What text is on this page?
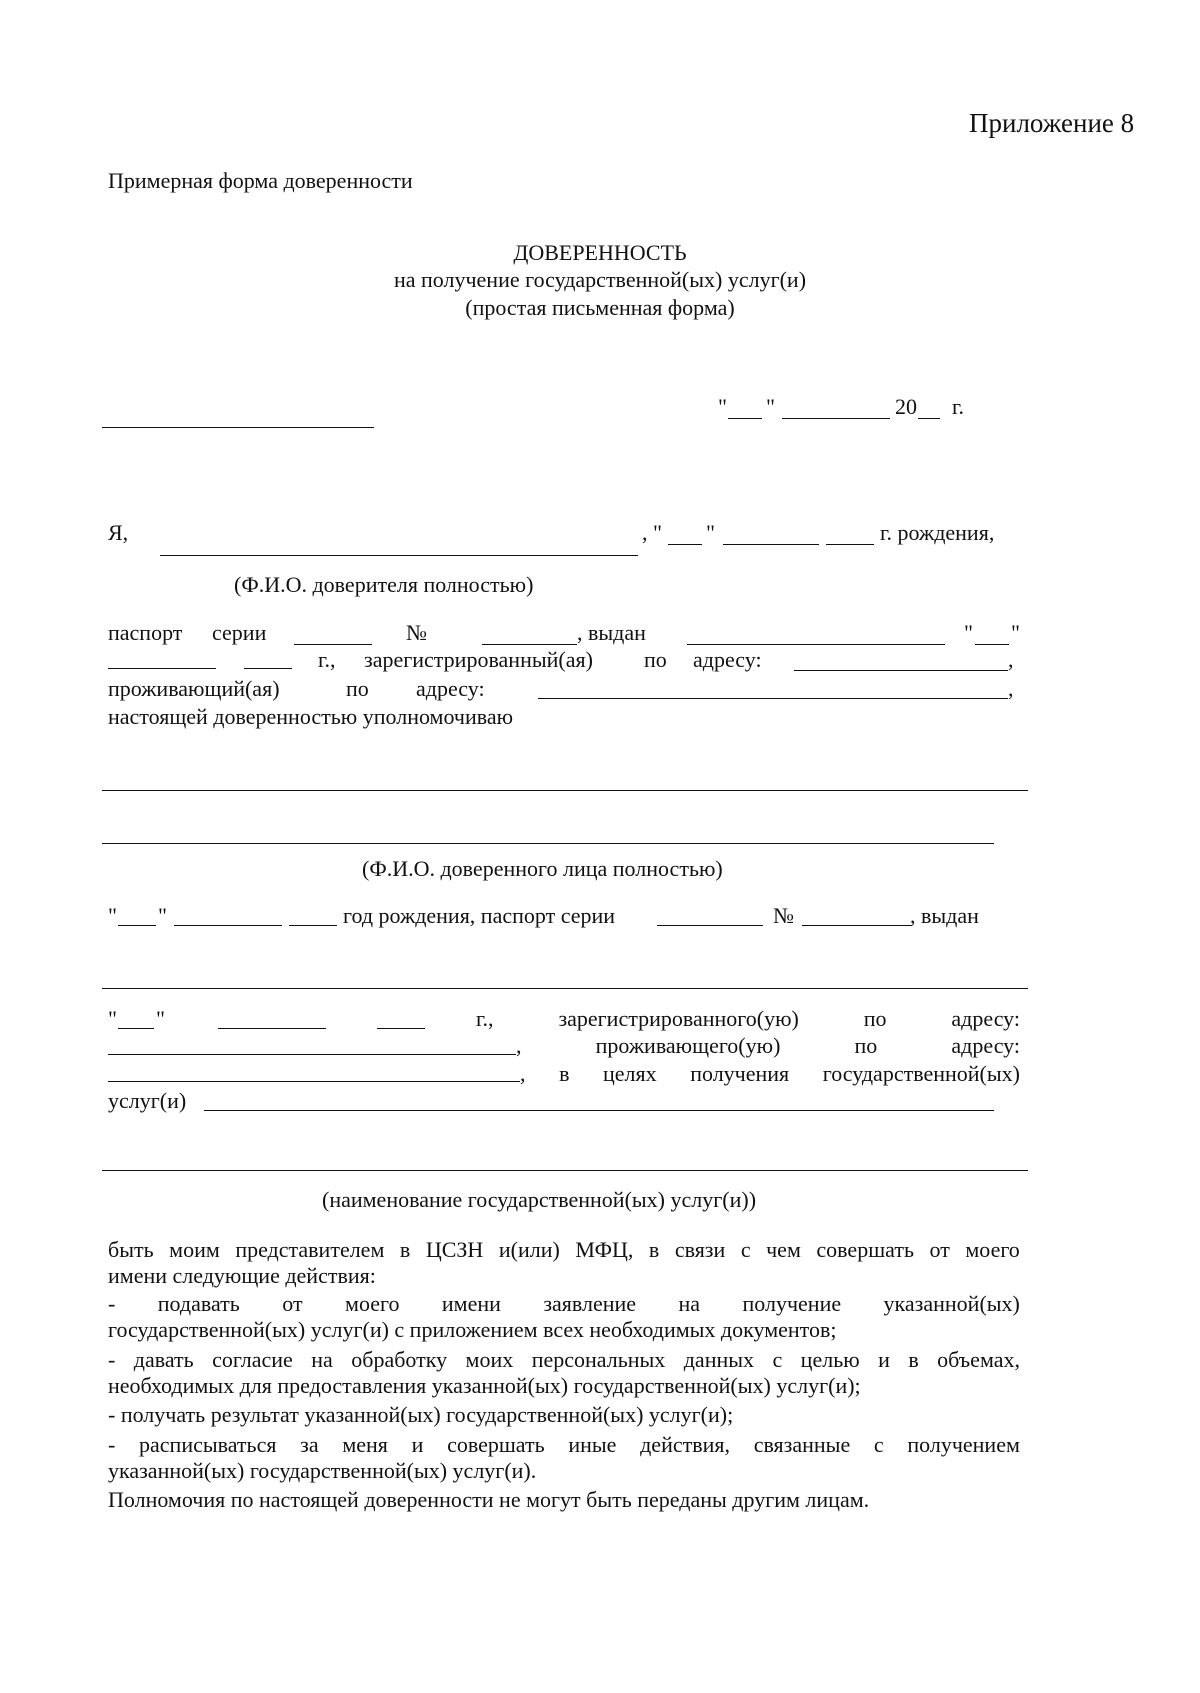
Приложение 8
Примерная форма доверенности
ДОВЕРЕННОСТЬ
на получение государственной(ых) услуг(и)
(простая письменная форма)
" "	20 г.
Я,	, " "	г. рождения,
(Ф.И.О. доверителя полностью)
паспорт серии	№	, выдан	" "
г., зарегистрированный(ая) по адресу:	,
проживающий(ая)	по адресу:	,
настоящей доверенностью уполномочиваю
(Ф.И.О. доверенного лица полностью)
" "	год рождения, паспорт серии	№	, выдан
" "	г.,	зарегистрированного(ую)	по	адресу:
,	проживающего(ую)	по	адресу:
, в целях получения государственной(ых)
услуг(и)
(наименование государственной(ых) услуг(и))
быть моим представителем в ЦСЗН и(или) МФЦ, в связи с чем совершать от моего
имени следующие действия:
- подавать от моего имени заявление на получение указанной(ых)
государственной(ых) услуг(и) с приложением всех необходимых документов;
- давать согласие на обработку моих персональных данных с целью и в объемах,
необходимых для предоставления указанной(ых) государственной(ых) услуг(и);
- получать результат указанной(ых) государственной(ых) услуг(и);
- расписываться за меня и совершать иные действия, связанные с получением
указанной(ых) государственной(ых) услуг(и).
Полномочия по настоящей доверенности не могут быть переданы другим лицам.
